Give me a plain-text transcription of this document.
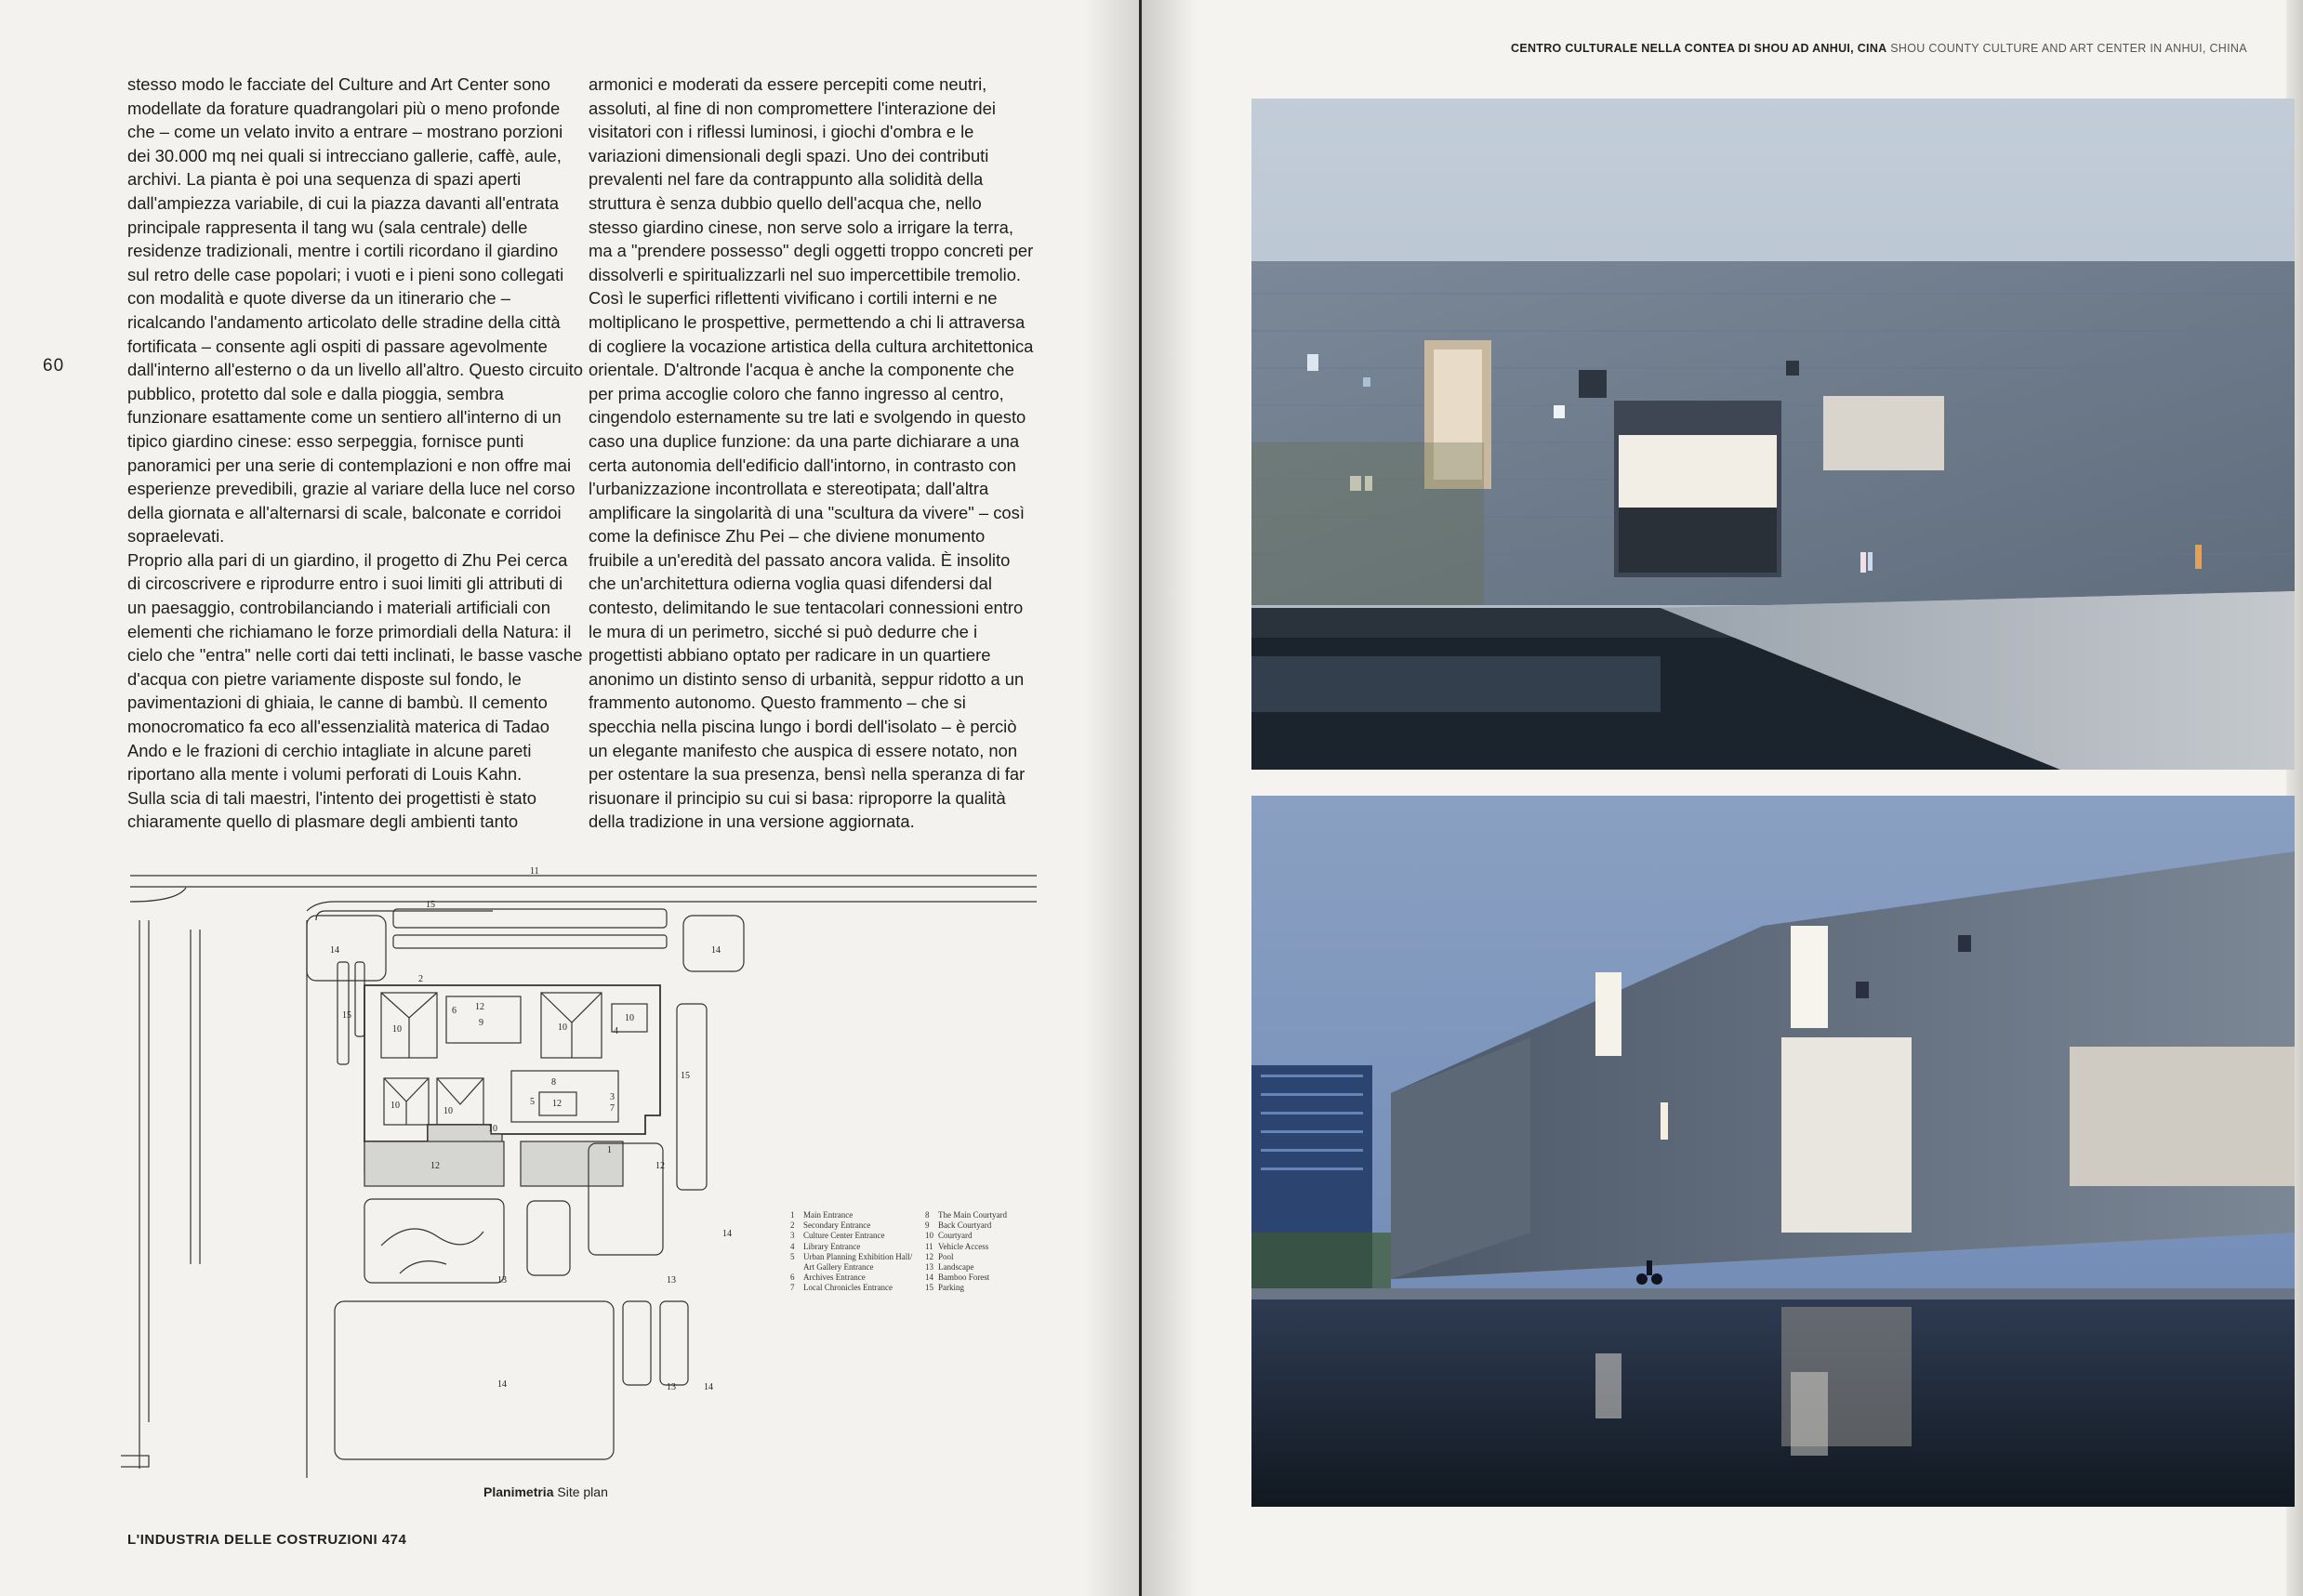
60

stesso modo le facciate del Culture and Art Center sono modellate da forature quadrangolari più o meno profonde che – come un velato invito a entrare – mostrano porzioni dei 30.000 mq nei quali si intrecciano gallerie, caffè, aule, archivi. La pianta è poi una sequenza di spazi aperti dall'ampiezza variabile, di cui la piazza davanti all'entrata principale rappresenta il tang wu (sala centrale) delle residenze tradizionali, mentre i cortili ricordano il giardino sul retro delle case popolari; i vuoti e i pieni sono collegati con modalità e quote diverse da un itinerario che – ricalcando l'andamento articolato delle stradine della città fortificata – consente agli ospiti di passare agevolmente dall'interno all'esterno o da un livello all'altro. Questo circuito pubblico, protetto dal sole e dalla pioggia, sembra funzionare esattamente come un sentiero all'interno di un tipico giardino cinese: esso serpeggia, fornisce punti panoramici per una serie di contemplazioni e non offre mai esperienze prevedibili, grazie al variare della luce nel corso della giornata e all'alternarsi di scale, balconate e corridoi sopraelevati.

Proprio alla pari di un giardino, il progetto di Zhu Pei cerca di circoscrivere e riprodurre entro i suoi limiti gli attributi di un paesaggio, controbilanciando i materiali artificiali con elementi che richiamano le forze primordiali della Natura: il cielo che "entra" nelle corti dai tetti inclinati, le basse vasche d'acqua con pietre variamente disposte sul fondo, le pavimentazioni di ghiaia, le canne di bambù. Il cemento monocromatico fa eco all'essenzialità materica di Tadao Ando e le frazioni di cerchio intagliate in alcune pareti riportano alla mente i volumi perforati di Louis Kahn.

Sulla scia di tali maestri, l'intento dei progettisti è stato chiaramente quello di plasmare degli ambienti tanto

armonici e moderati da essere percepiti come neutri, assoluti, al fine di non compromettere l'interazione dei visitatori con i riflessi luminosi, i giochi d'ombra e le variazioni dimensionali degli spazi. Uno dei contributi prevalenti nel fare da contrappunto alla solidità della struttura è senza dubbio quello dell'acqua che, nello stesso giardino cinese, non serve solo a irrigare la terra, ma a "prendere possesso" degli oggetti troppo concreti per dissolverli e spiritualizzarli nel suo impercettibile tremolio. Così le superfici riflettenti vivificano i cortili interni e ne moltiplicano le prospettive, permettendo a chi li attraversa di cogliere la vocazione artistica della cultura architettonica orientale. D'altronde l'acqua è anche la componente che per prima accoglie coloro che fanno ingresso al centro, cingendolo esternamente su tre lati e svolgendo in questo caso una duplice funzione: da una parte dichiarare a una certa autonomia dell'edificio dall'intorno, in contrasto con l'urbanizzazione incontrollata e stereotipata; dall'altra amplificare la singolarità di una "scultura da vivere" – così come la definisce Zhu Pei – che diviene monumento fruibile a un'eredità del passato ancora valida. È insolito che un'architettura odierna voglia quasi difendersi dal contesto, delimitando le sue tentacolari connessioni entro le mura di un perimetro, sicché si può dedurre che i progettisti abbiano optato per radicare in un quartiere anonimo un distinto senso di urbanità, seppur ridotto a un frammento autonomo. Questo frammento – che si specchia nella piscina lungo i bordi dell'isolato – è perciò un elegante manifesto che auspica di essere notato, non per ostentare la sua presenza, bensì nella speranza di far risuonare il principio su cui si basa: riproporre la qualità della tradizione in una versione aggiornata.

11
15
14	14
15
15
2
6 12
9
10	10
10
4
8
5 12
3
7
10
10
10
1
12	12
14
13	13
14	13	14
1	Main Entrance
2	Secondary Entrance
3	Culture Center Entrance
4	Library Entrance
5	Urban Planning Exhibition Hall/ Art Gallery Entrance
6	Archives Entrance
7	Local Chronicles Entrance
8	The Main Courtyard
9	Back Courtyard
10 Courtyard
11 Vehicle Access
12 Pool
13 Landscape
14 Bamboo Forest
15 Parking
Planimetria Site plan
L'INDUSTRIA DELLE COSTRUZIONI 474
CENTRO CULTURALE NELLA CONTEA DI SHOU AD ANHUI, CINA SHOU COUNTY CULTURE AND ART CENTER IN ANHUI, CHINA
